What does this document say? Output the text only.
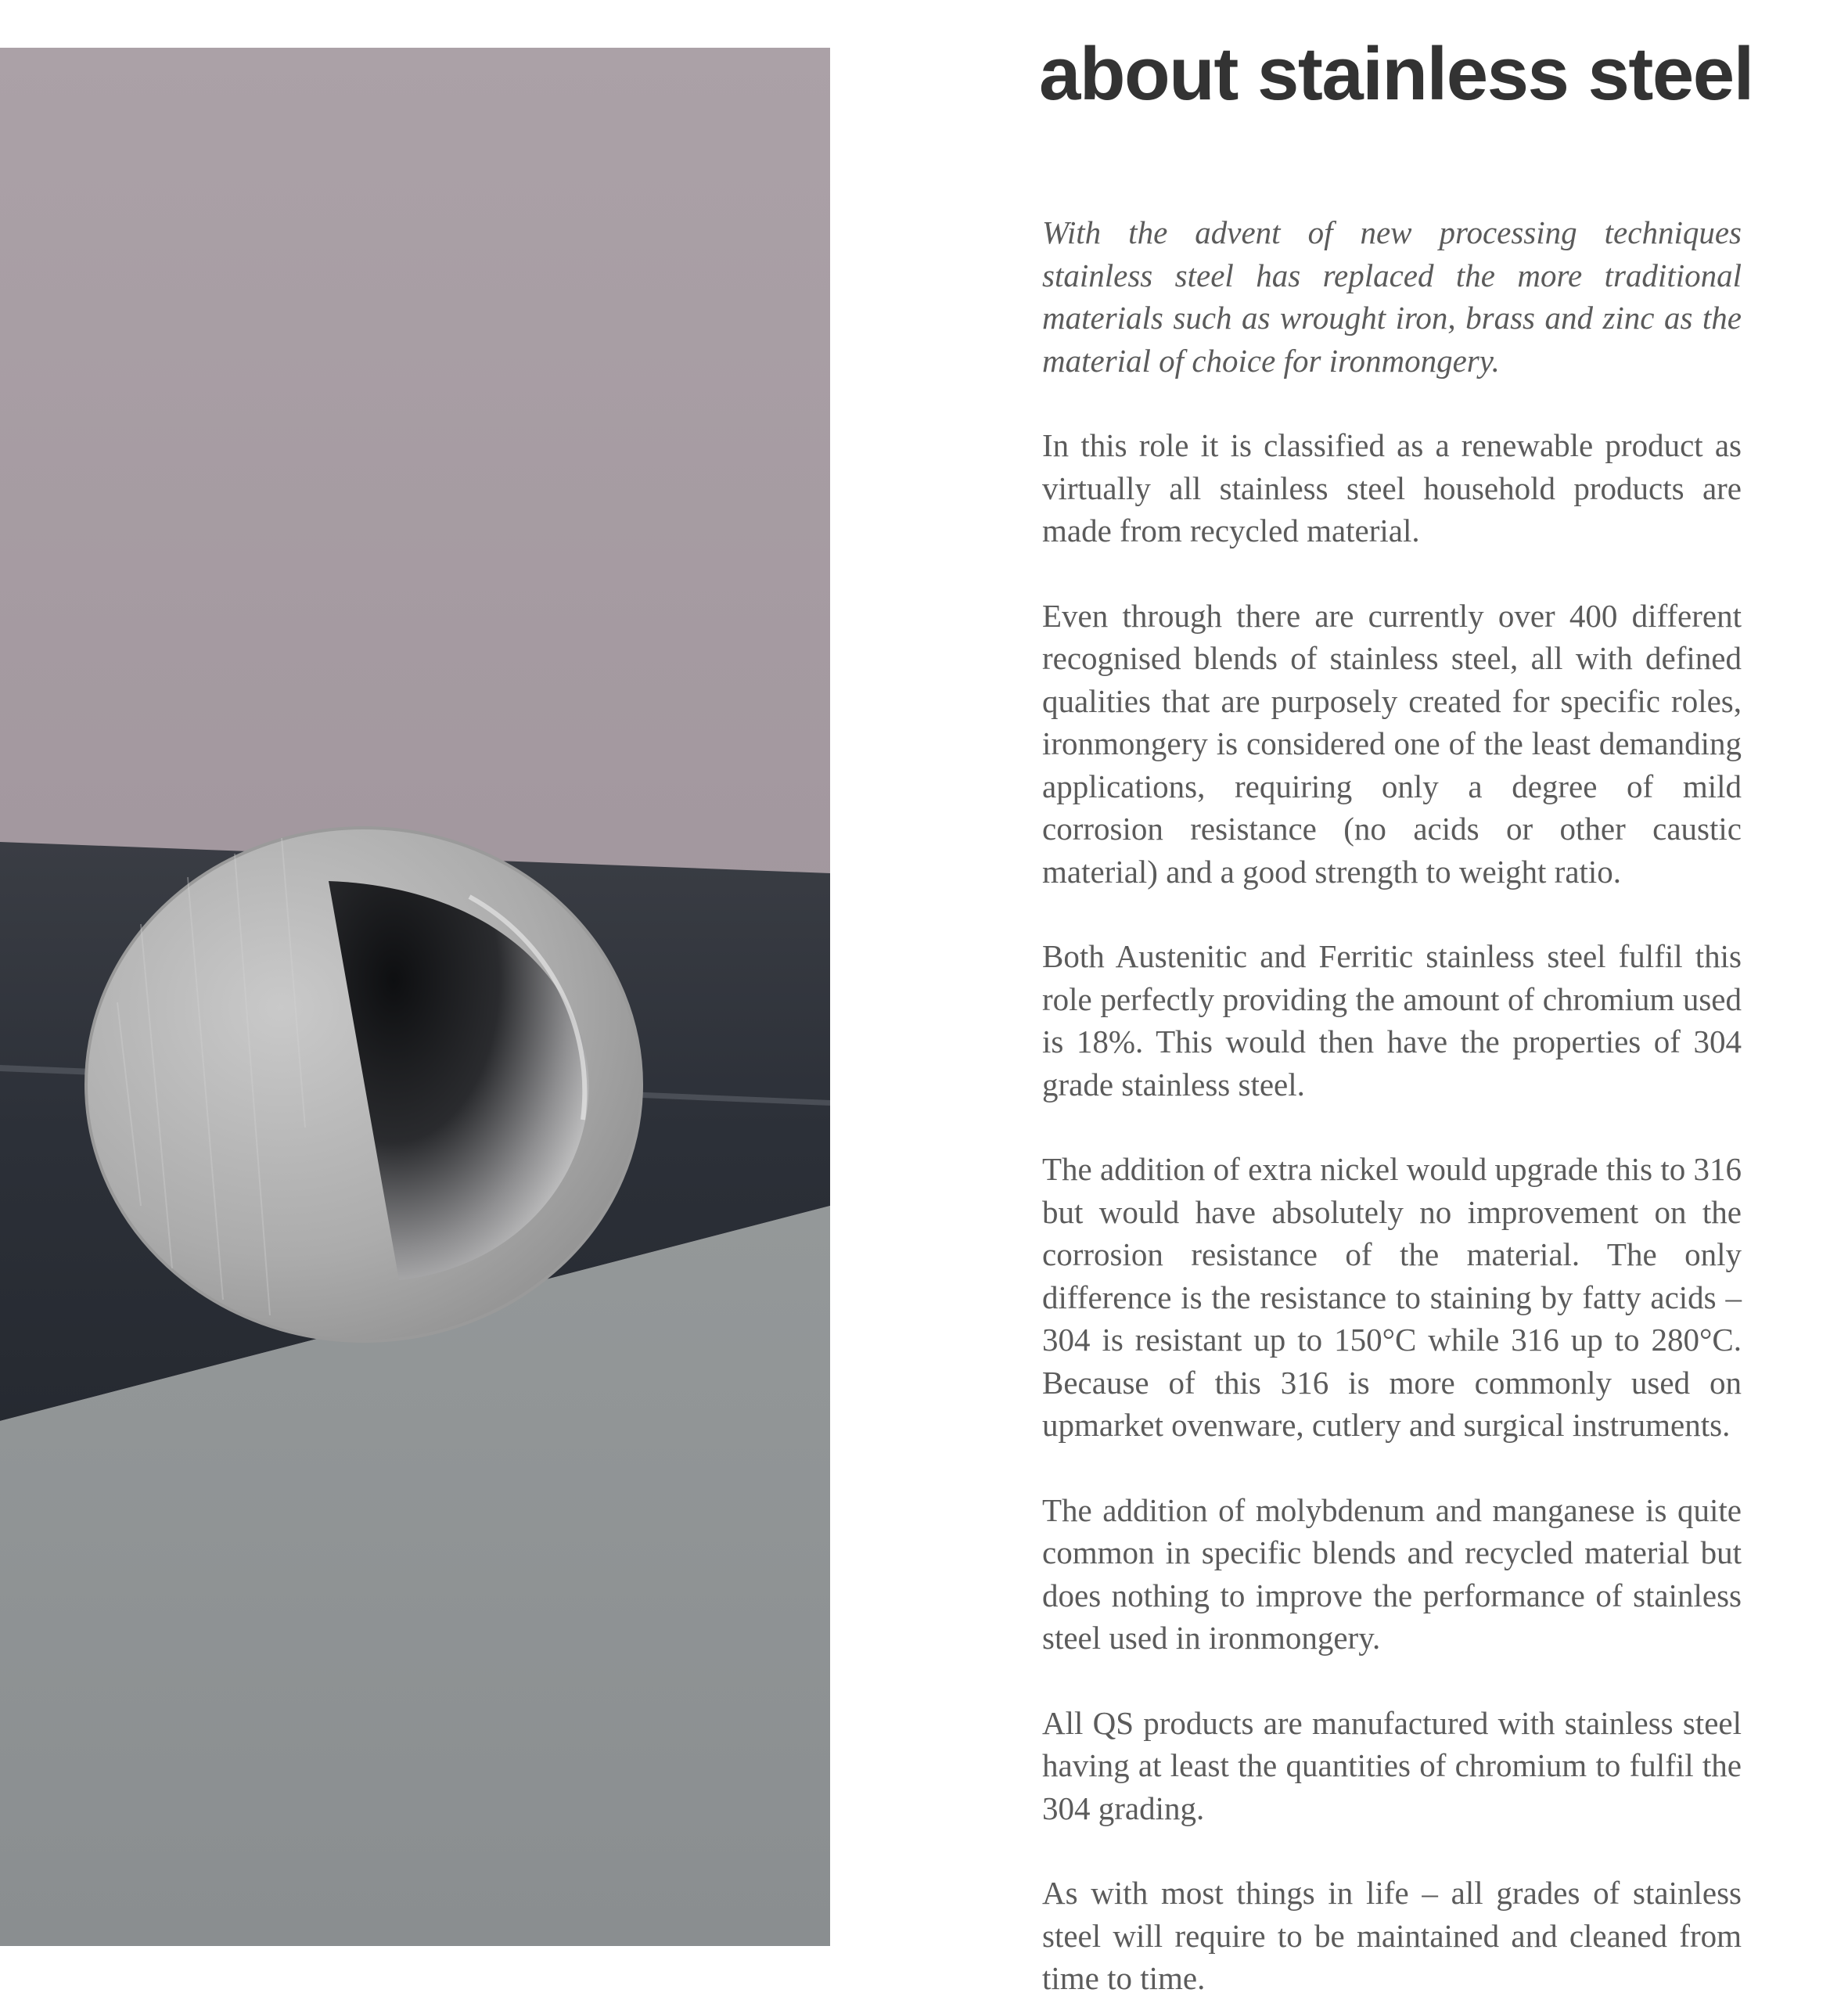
about stainless steel

With the advent of new processing techniques stainless steel has replaced the more traditional materials such as wrought iron, brass and zinc as the material of choice for ironmongery.

In this role it is classified as a renewable product as virtually all stainless steel household products are made from recycled material.

Even through there are currently over 400 different recognised blends of stainless steel, all with defined qualities that are purposely created for specific roles, ironmongery is considered one of the least demanding applications, requiring only a degree of mild corrosion resistance (no acids or other caustic material) and a good strength to weight ratio.

Both Austenitic and Ferritic stainless steel fulfil this role perfectly providing the amount of chromium used is 18%. This would then have the properties of 304 grade stainless steel.

The addition of extra nickel would upgrade this to 316 but would have absolutely no improvement on the corrosion resistance of the material. The only difference is the resistance to staining by fatty acids – 304 is resistant up to 150°C while 316 up to 280°C. Because of this 316 is more commonly used on upmarket ovenware, cutlery and surgical instruments.

The addition of molybdenum and manganese is quite common in specific blends and recycled material but does nothing to improve the performance of stainless steel used in ironmongery.

All QS products are manufactured with stainless steel having at least the quantities of chromium to fulfil the 304 grading.

As with most things in life – all grades of stainless steel will require to be maintained and cleaned from time to time.
